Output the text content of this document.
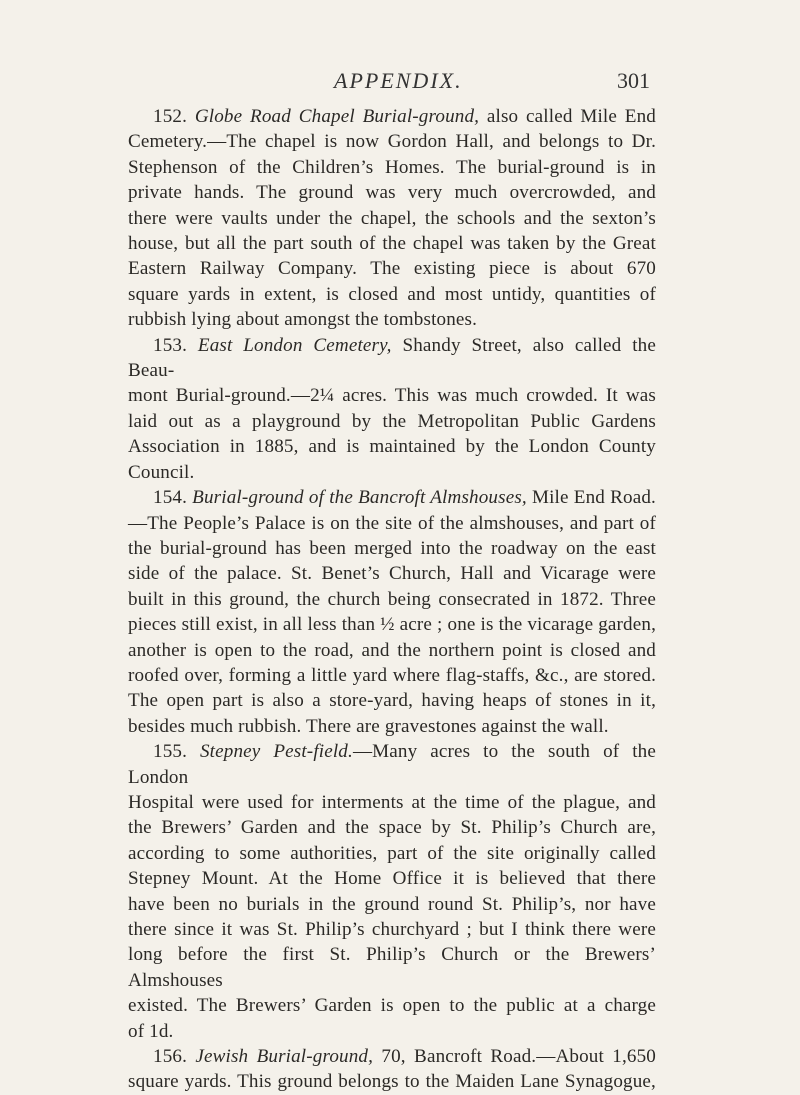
APPENDIX.	301

152. Globe Road Chapel Burial-ground, also called Mile End
Cemetery.—The chapel is now Gordon Hall, and belongs to Dr.
Stephenson of the Children’s Homes. The burial-ground is in
private hands. The ground was very much overcrowded, and
there were vaults under the chapel, the schools and the sexton’s
house, but all the part south of the chapel was taken by the Great
Eastern Railway Company. The existing piece is about 670
square yards in extent, is closed and most untidy, quantities of
rubbish lying about amongst the tombstones.

153. East London Cemetery, Shandy Street, also called the Beau-
mont Burial-ground.—2¼ acres. This was much crowded. It was
laid out as a playground by the Metropolitan Public Gardens
Association in 1885, and is maintained by the London County
Council.

154. Burial-ground of the Bancroft Almshouses, Mile End Road.
—The People’s Palace is on the site of the almshouses, and part of
the burial-ground has been merged into the roadway on the east
side of the palace. St. Benet’s Church, Hall and Vicarage were
built in this ground, the church being consecrated in 1872. Three
pieces still exist, in all less than ½ acre ; one is the vicarage garden,
another is open to the road, and the northern point is closed and
roofed over, forming a little yard where flag-staffs, &c., are stored.
The open part is also a store-yard, having heaps of stones in it,
besides much rubbish. There are gravestones against the wall.

155. Stepney Pest-field.—Many acres to the south of the London
Hospital were used for interments at the time of the plague, and
the Brewers’ Garden and the space by St. Philip’s Church are,
according to some authorities, part of the site originally called
Stepney Mount. At the Home Office it is believed that there
have been no burials in the ground round St. Philip’s, nor have
there since it was St. Philip’s churchyard ; but I think there were
long before the first St. Philip’s Church or the Brewers’ Almshouses
existed. The Brewers’ Garden is open to the public at a charge
of 1d.

156. Jewish Burial-ground, 70, Bancroft Road.—About 1,650
square yards. This ground belongs to the Maiden Lane Synagogue,
